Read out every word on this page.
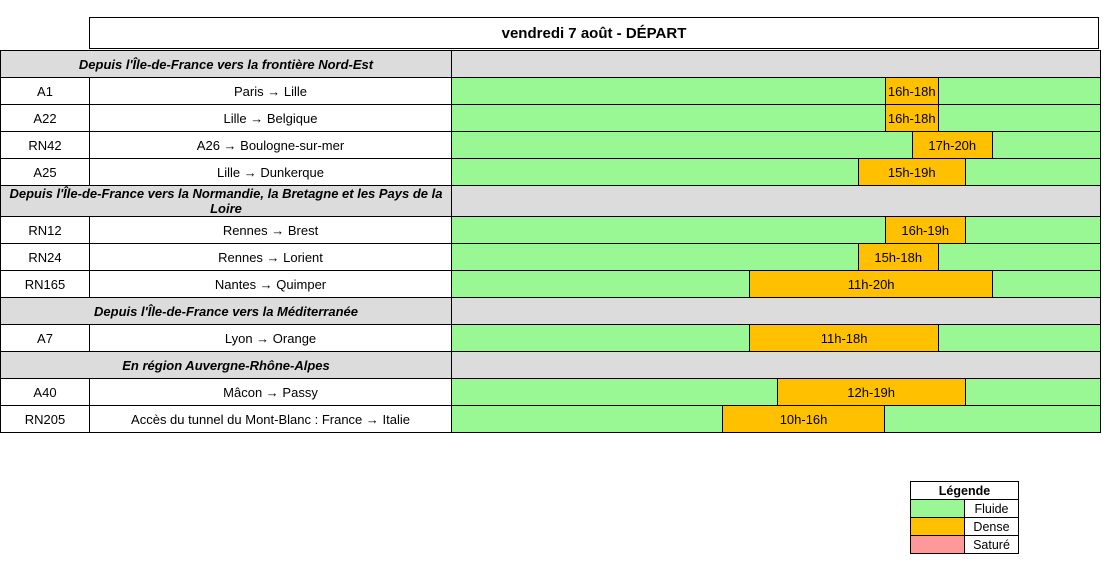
vendredi 7 août - DÉPART
Depuis l'Île-de-France vers la frontière Nord-Est		
A1	Paris → Lille	16h-18h

A22	Lille → Belgique	16h-18h

RN42	A26 → Boulogne-sur-mer	17h-20h

A25	Lille → Dunkerque	15h-19h

Depuis l'Île-de-France vers la Normandie, la Bretagne et les Pays de la Loire		
RN12	Rennes → Brest	16h-19h

RN24	Rennes → Lorient	15h-18h

RN165	Nantes → Quimper	11h-20h

Depuis l'Île-de-France vers la Méditerranée		
A7	Lyon → Orange	11h-18h

En région Auvergne-Rhône-Alpes		
A40	Mâcon → Passy	12h-19h

RN205	Accès du tunnel du Mont-Blanc : France → Italie	10h-16h
Légende	
	Fluide
	Dense
	Saturé
